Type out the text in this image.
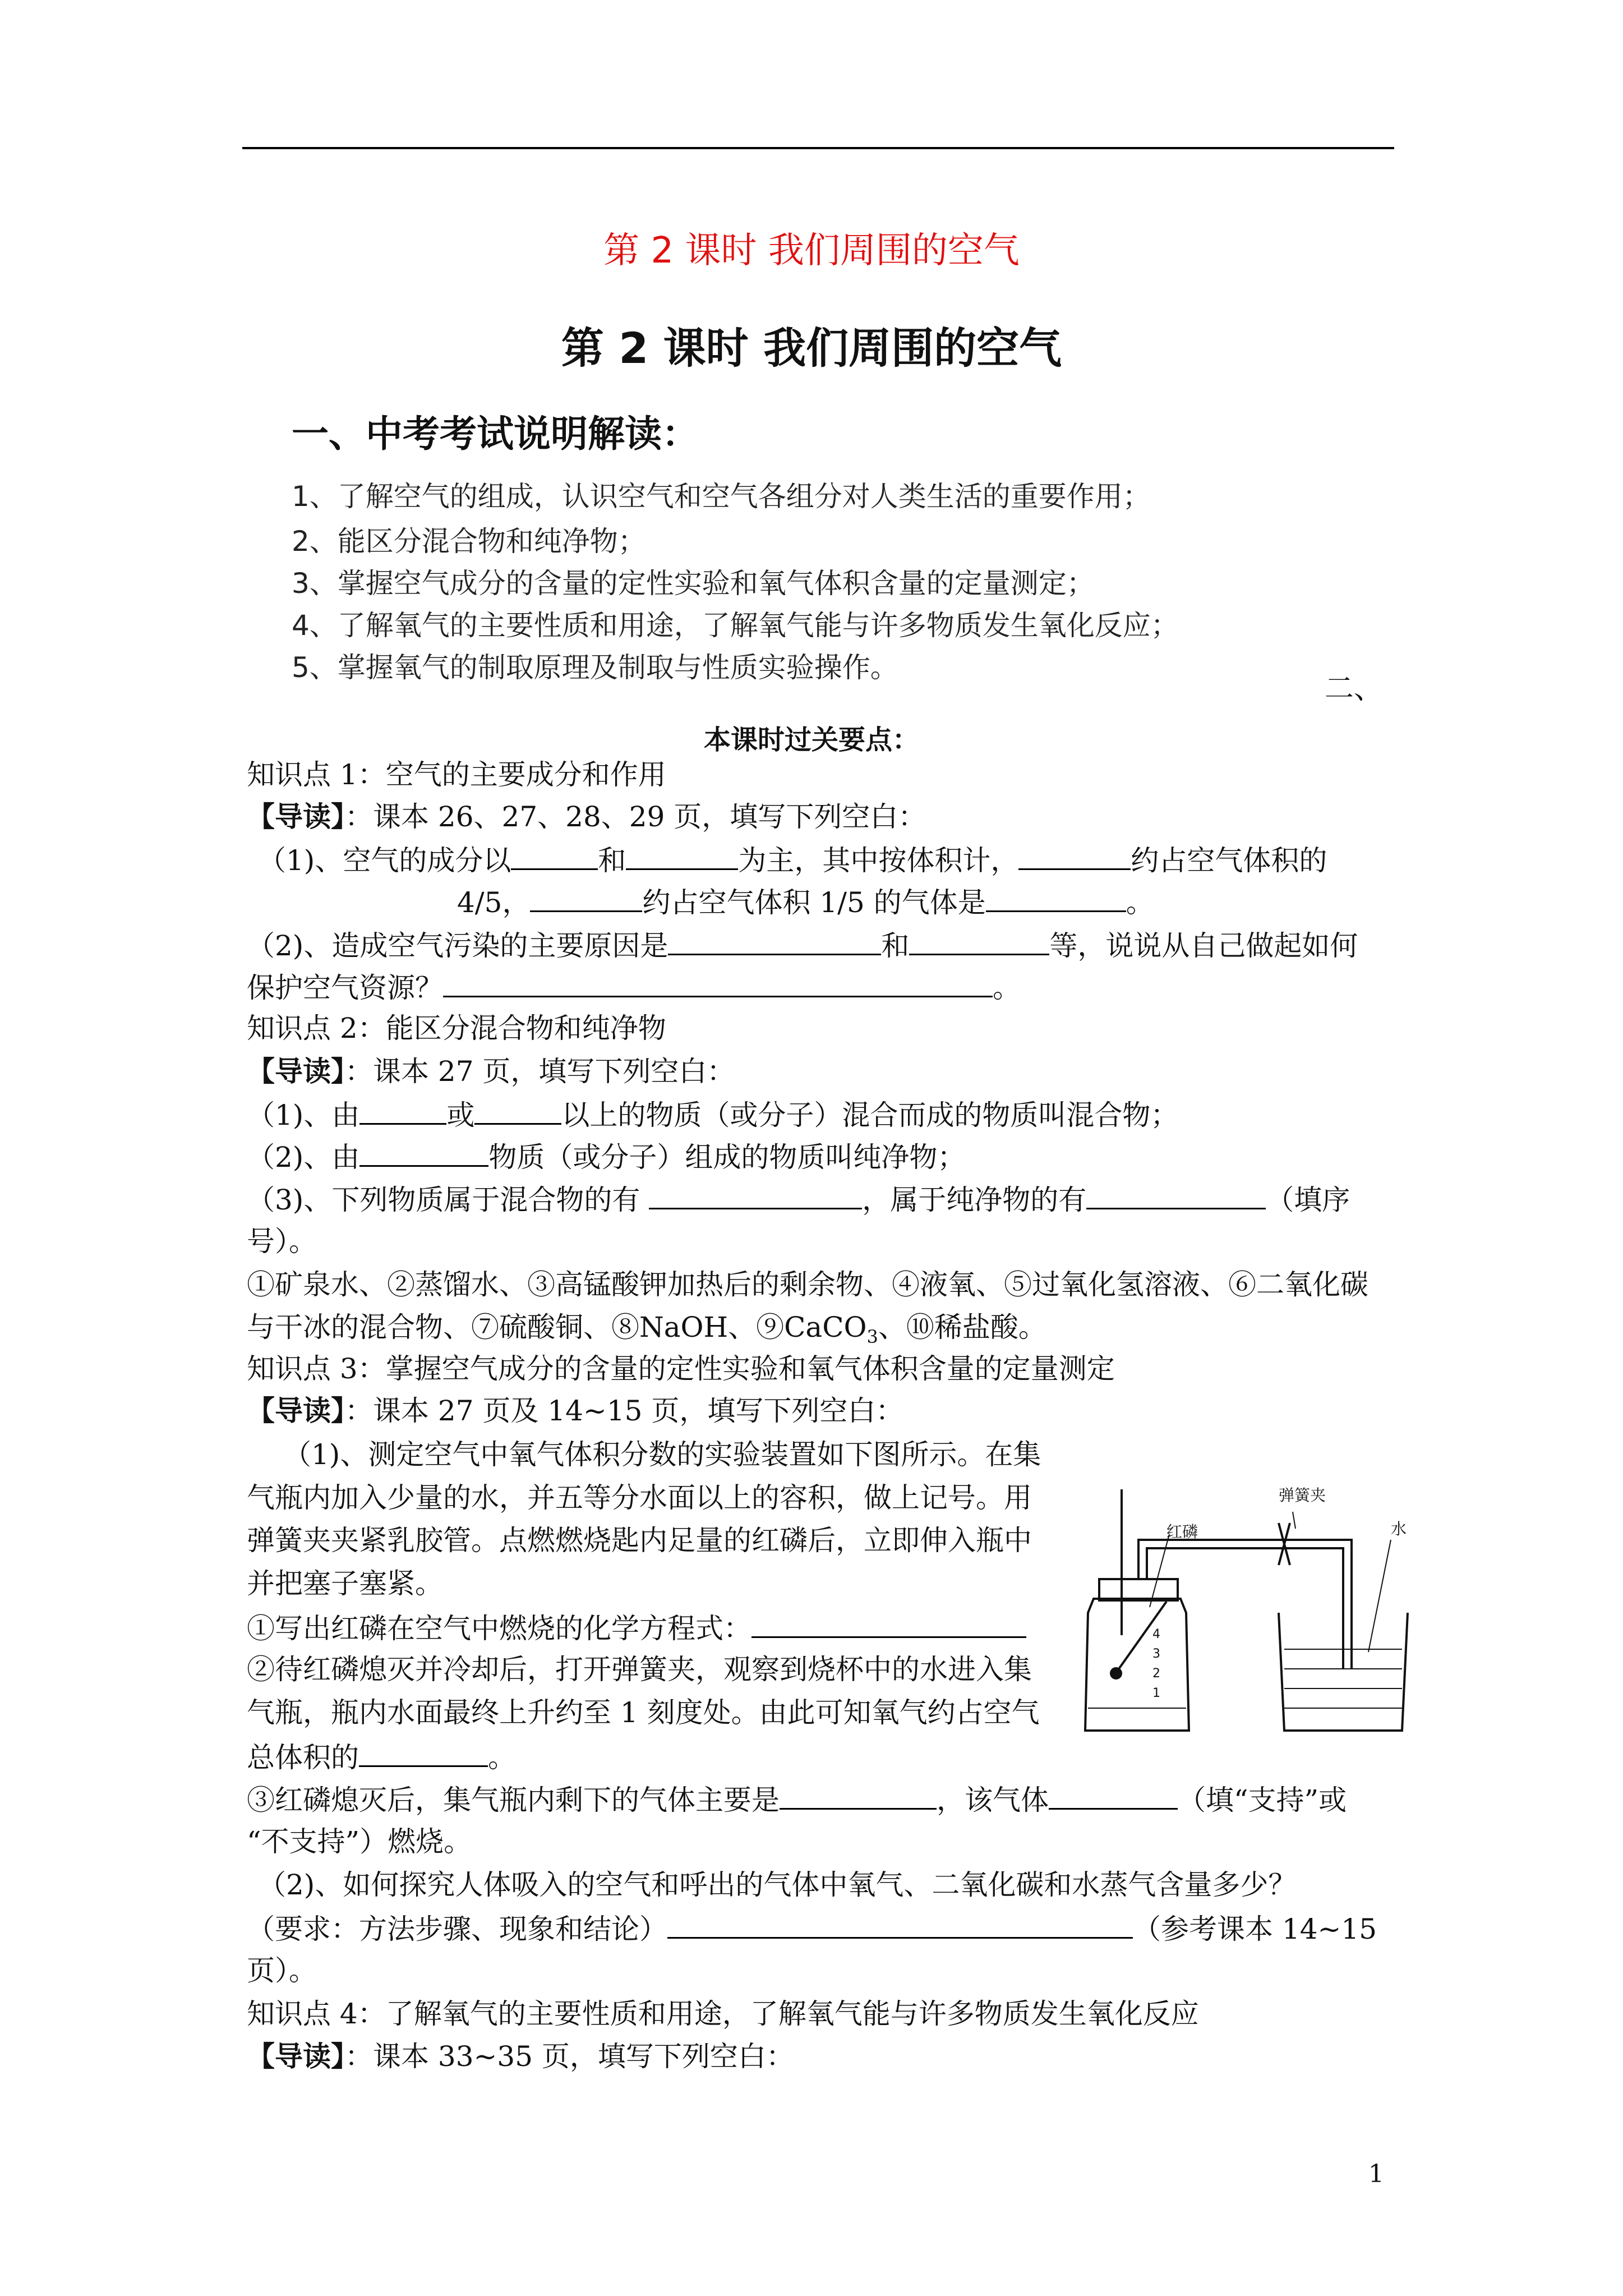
第 2 课时 我们周围的空气
第 2 课时 我们周围的空气
一、中考考试说明解读：
1、了解空气的组成，认识空气和空气各组分对人类生活的重要作用；
2、能区分混合物和纯净物；
3、掌握空气成分的含量的定性实验和氧气体积含量的定量测定；
4、了解氧气的主要性质和用途，了解氧气能与许多物质发生氧化反应；
5、掌握氧气的制取原理及制取与性质实验操作。
二、
本课时过关要点：
知识点 1：空气的主要成分和作用
【导读】：课本 26、27、28、29 页，填写下列空白：
（1)、空气的成分以	和	为主，其中按体积计，	约占空气体积的
4/5，	约占空气体积 1/5 的气体是	。
（2)、造成空气污染的主要原因是	和	等，说说从自己做起如何
保护空气资源？	。
知识点 2：能区分混合物和纯净物
【导读】：课本 27 页，填写下列空白：
（1)、由	或	以上的物质（或分子）混合而成的物质叫混合物；
（2)、由	物质（或分子）组成的物质叫纯净物；
（3)、下列物质属于混合物的有	，属于纯净物的有	（填序
号）。
①矿泉水、②蒸馏水、③高锰酸钾加热后的剩余物、④液氧、⑤过氧化氢溶液、⑥二氧化碳
与干冰的混合物、⑦硫酸铜、⑧NaOH、⑨CaCO$_3$、⑩稀盐酸。
知识点 3：掌握空气成分的含量的定性实验和氧气体积含量的定量测定
【导读】：课本 27 页及 14~15 页，填写下列空白：
（1)、测定空气中氧气体积分数的实验装置如下图所示。在集
气瓶内加入少量的水，并五等分水面以上的容积，做上记号。用
弹簧夹夹紧乳胶管。点燃燃烧匙内足量的红磷后，立即伸入瓶中
并把塞子塞紧。
①写出红磷在空气中燃烧的化学方程式：
②待红磷熄灭并冷却后，打开弹簧夹，观察到烧杯中的水进入集
气瓶，瓶内水面最终上升约至 1 刻度处。由此可知氧气约占空气
总体积的	。
③红磷熄灭后，集气瓶内剩下的气体主要是	，该气体	（填“支持”或
“不支持”）燃烧。
（2)、如何探究人体吸入的空气和呼出的气体中氧气、二氧化碳和水蒸气含量多少？
（要求：方法步骤、现象和结论）	（参考课本 14~15
页）。
知识点 4：了解氧气的主要性质和用途，了解氧气能与许多物质发生氧化反应
【导读】：课本 33~35 页，填写下列空白：
1
弹簧夹
红磷	水
4
3
2
1
